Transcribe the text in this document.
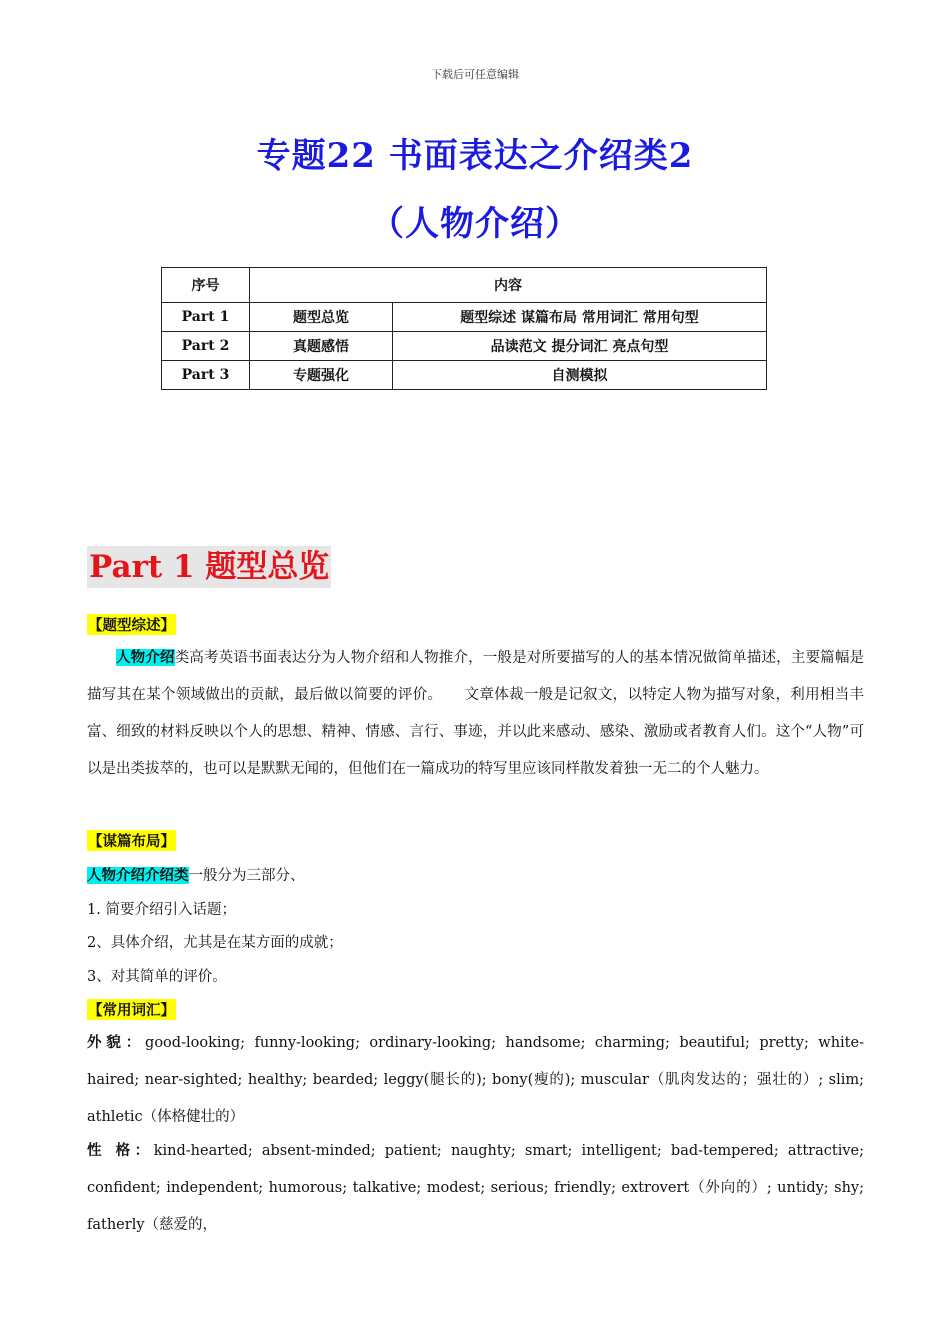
下载后可任意编辑
专题22 书面表达之介绍类2
（人物介绍）
序号	内容	
Part 1	题型总览	题型综述 谋篇布局 常用词汇 常用句型
Part 2	真题感悟	品读范文 提分词汇 亮点句型
Part 3	专题强化	自测模拟
Part 1 题型总览
【题型综述】
人物介绍类高考英语书面表达分为人物介绍和人物推介，一般是对所要描写的人的基本情况做简单描述，主要篇幅是描写其在某个领域做出的贡献，最后做以简要的评价。　　文章体裁一般是记叙文，以特定人物为描写对象，利用相当丰富、细致的材料反映以个人的思想、精神、情感、言行、事迹，并以此来感动、感染、激励或者教育人们。这个“人物”可以是出类拔萃的，也可以是默默无闻的，但他们在一篇成功的特写里应该同样散发着独一无二的个人魅力。
【谋篇布局】
人物介绍介绍类一般分为三部分、
1. 简要介绍引入话题；
2、具体介绍，尤其是在某方面的成就；
3、对其简单的评价。
【常用词汇】
外貌：good-looking; funny-looking; ordinary-looking; handsome; charming; beautiful; pretty; white-haired; near-sighted; healthy; bearded; leggy(腿长的); bony(瘦的); muscular（肌肉发达的；强壮的）; slim; athletic（体格健壮的）
性 格：kind-hearted; absent-minded; patient; naughty; smart; intelligent; bad-tempered; attractive; confident; independent; humorous; talkative; modest; serious; friendly; extrovert（外向的）; untidy; shy; fatherly（慈爱的，
